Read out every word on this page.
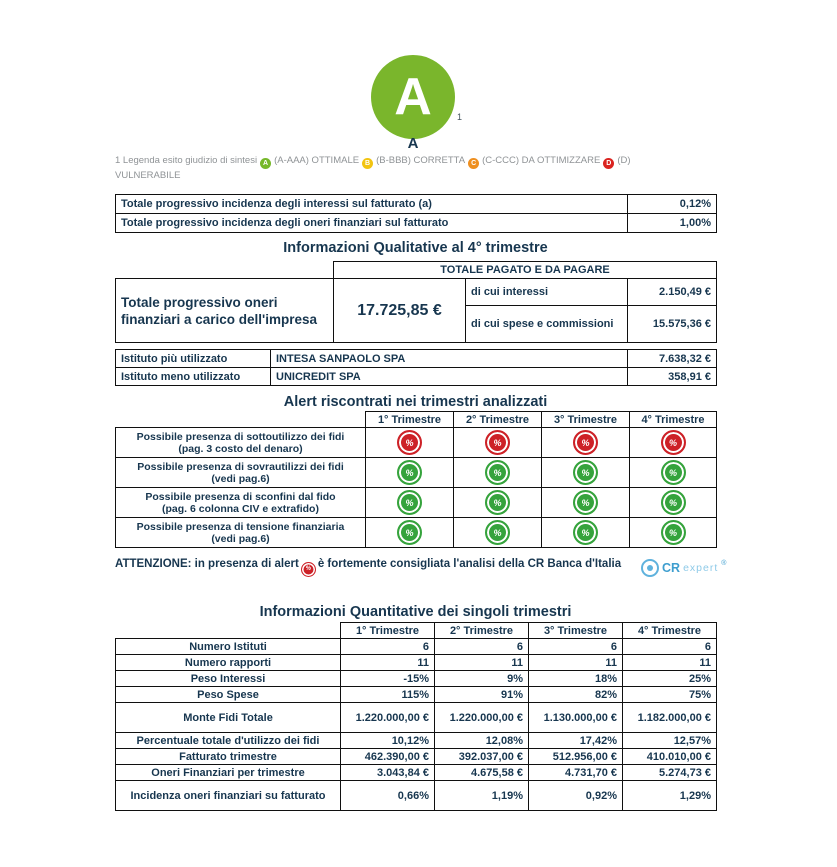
A	1
A
1 Legenda esito giudizio di sintesi A (A-AAA) OTTIMALE B (B-BBB) CORRETTA C (C-CCC) DA OTTIMIZZARE D (D) VULNERABILE
Totale progressivo incidenza degli interessi sul fatturato (a)	0,12%
Totale progressivo incidenza degli oneri finanziari sul fatturato	1,00%
Informazioni Qualitative al 4° trimestre
	TOTALE PAGATO E DA PAGARE		
Totale progressivo oneri finanziari a carico dell'impresa	17.725,85 €	di cui interessi	2.150,49 €
		di cui spese e commissioni	15.575,36 €
Istituto più utilizzato	INTESA SANPAOLO SPA	7.638,32 €
Istituto meno utilizzato	UNICREDIT SPA	358,91 €
Alert riscontrati nei trimestri analizzati
	1° Trimestre	2° Trimestre	3° Trimestre	4° Trimestre

Possibile presenza di sottoutilizzo dei fidi
(pag. 3 costo del denaro)
	%	%	%	%

Possibile presenza di sovrautilizzi dei fidi
(vedi pag.6)
	%	%	%	%

Possibile presenza di sconfini dal fido
(pag. 6 colonna CIV e extrafido)
	%	%	%	%

Possibile presenza di tensione finanziaria
(vedi pag.6)
	%	%	%	%
ATTENZIONE: in presenza di alert % è fortemente consigliata l'analisi della CR Banca d'Italia	CR expert ®
Informazioni Quantitative dei singoli trimestri
	1° Trimestre	2° Trimestre	3° Trimestre	4° Trimestre
Numero Istituti	6	6	6	6
Numero rapporti	11	11	11	11
Peso Interessi	-15%	9%	18%	25%
Peso Spese	115%	91%	82%	75%
Monte Fidi Totale	1.220.000,00 €	1.220.000,00 €	1.130.000,00 €	1.182.000,00 €
Percentuale totale d'utilizzo dei fidi	10,12%	12,08%	17,42%	12,57%
Fatturato trimestre	462.390,00 €	392.037,00 €	512.956,00 €	410.010,00 €
Oneri Finanziari per trimestre	3.043,84 €	4.675,58 €	4.731,70 €	5.274,73 €
Incidenza oneri finanziari su fatturato	0,66%	1,19%	0,92%	1,29%
